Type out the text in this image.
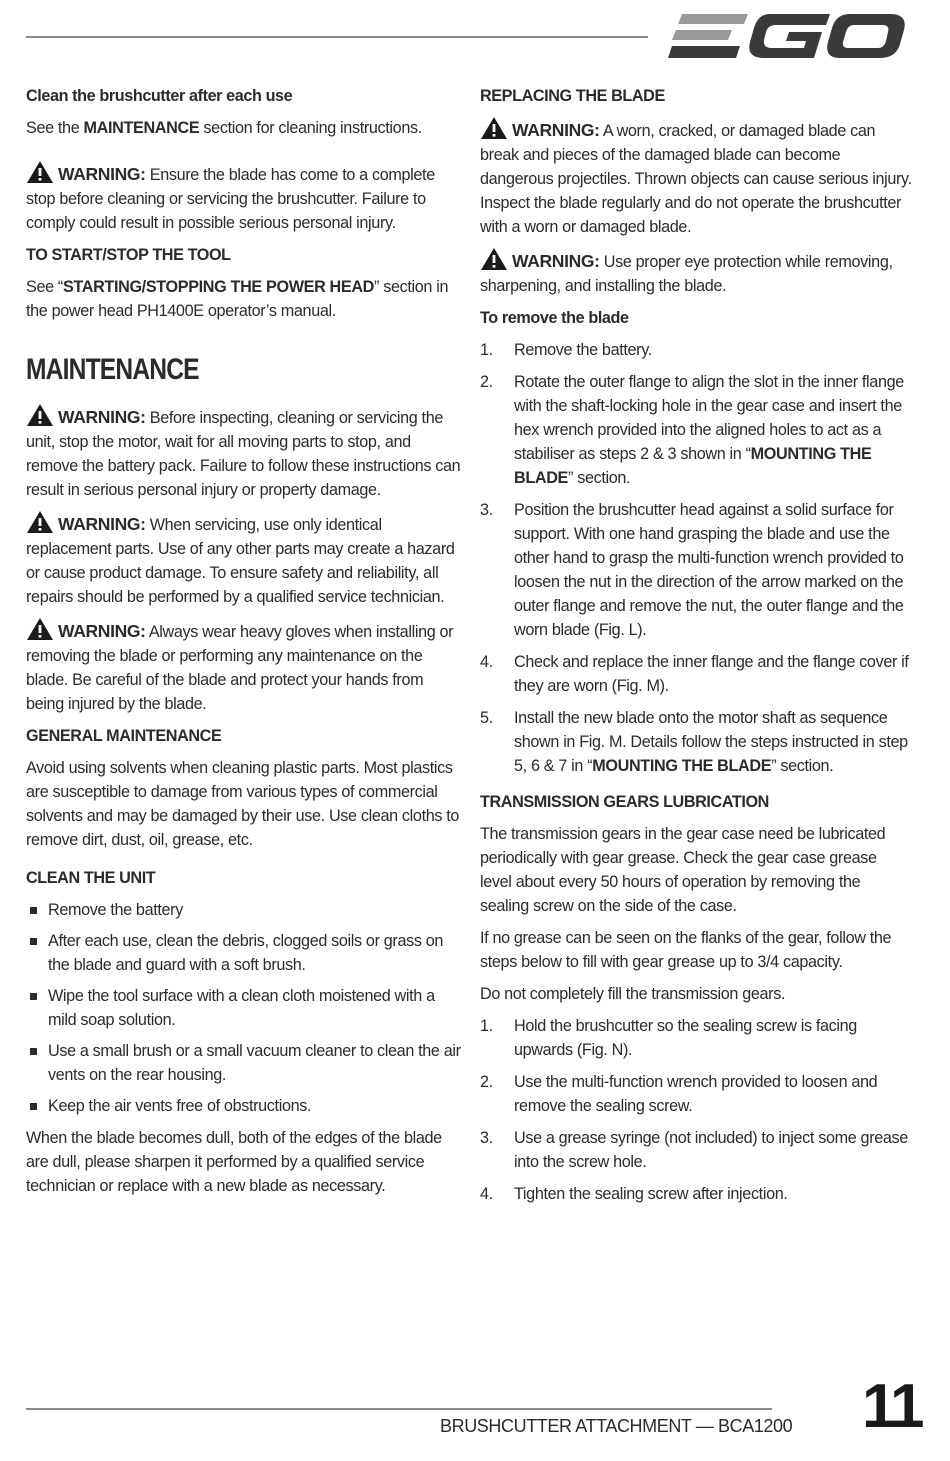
Clean the brushcutter after each use

See the MAINTENANCE section for cleaning instructions.

WARNING: Ensure the blade has come to a complete stop before cleaning or servicing the brushcutter. Failure to comply could result in possible serious personal injury.

TO START/STOP THE TOOL

See “STARTING/STOPPING THE POWER HEAD” section in the power head PH1400E operator’s manual.

MAINTENANCE

WARNING: Before inspecting, cleaning or servicing the unit, stop the motor, wait for all moving parts to stop, and remove the battery pack. Failure to follow these instructions can result in serious personal injury or property damage.

WARNING: When servicing, use only identical replacement parts. Use of any other parts may create a hazard or cause product damage. To ensure safety and reliability, all repairs should be performed by a qualified service technician.

WARNING: Always wear heavy gloves when installing or removing the blade or performing any maintenance on the blade. Be careful of the blade and protect your hands from being injured by the blade.

GENERAL MAINTENANCE

Avoid using solvents when cleaning plastic parts. Most plastics are susceptible to damage from various types of commercial solvents and may be damaged by their use. Use clean cloths to remove dirt, dust, oil, grease, etc.

CLEAN THE UNIT
Remove the battery
After each use, clean the debris, clogged soils or grass on the blade and guard with a soft brush.
Wipe the tool surface with a clean cloth moistened with a mild soap solution.
Use a small brush or a small vacuum cleaner to clean the air vents on the rear housing.
Keep the air vents free of obstructions.

When the blade becomes dull, both of the edges of the blade are dull, please sharpen it performed by a qualified service technician or replace with a new blade as necessary.

REPLACING THE BLADE

WARNING: A worn, cracked, or damaged blade can break and pieces of the damaged blade can become dangerous projectiles. Thrown objects can cause serious injury. Inspect the blade regularly and do not operate the brushcutter with a worn or damaged blade.

WARNING: Use proper eye protection while removing, sharpening, and installing the blade.

To remove the blade
1. Remove the battery.
2. Rotate the outer flange to align the slot in the inner flange with the shaft-locking hole in the gear case and insert the hex wrench provided into the aligned holes to act as a stabiliser as steps 2 & 3 shown in “MOUNTING THE BLADE” section.
3. Position the brushcutter head against a solid surface for support. With one hand grasping the blade and use the other hand to grasp the multi-function wrench provided to loosen the nut in the direction of the arrow marked on the outer flange and remove the nut, the outer flange and the worn blade (Fig. L).
4. Check and replace the inner flange and the flange cover if they are worn (Fig. M).
5. Install the new blade onto the motor shaft as sequence shown in Fig. M. Details follow the steps instructed in step 5, 6 & 7 in “MOUNTING THE BLADE” section.
TRANSMISSION GEARS LUBRICATION

The transmission gears in the gear case need be lubricated periodically with gear grease. Check the gear case grease level about every 50 hours of operation by removing the sealing screw on the side of the case.

If no grease can be seen on the flanks of the gear, follow the steps below to fill with gear grease up to 3/4 capacity.

Do not completely fill the transmission gears.

1. Hold the brushcutter so the sealing screw is facing upwards (Fig. N).
2. Use the multi-function wrench provided to loosen and remove the sealing screw.
3. Use a grease syringe (not included) to inject some grease into the screw hole.
4. Tighten the sealing screw after injection.
BRUSHCUTTER ATTACHMENT — BCA1200 11
